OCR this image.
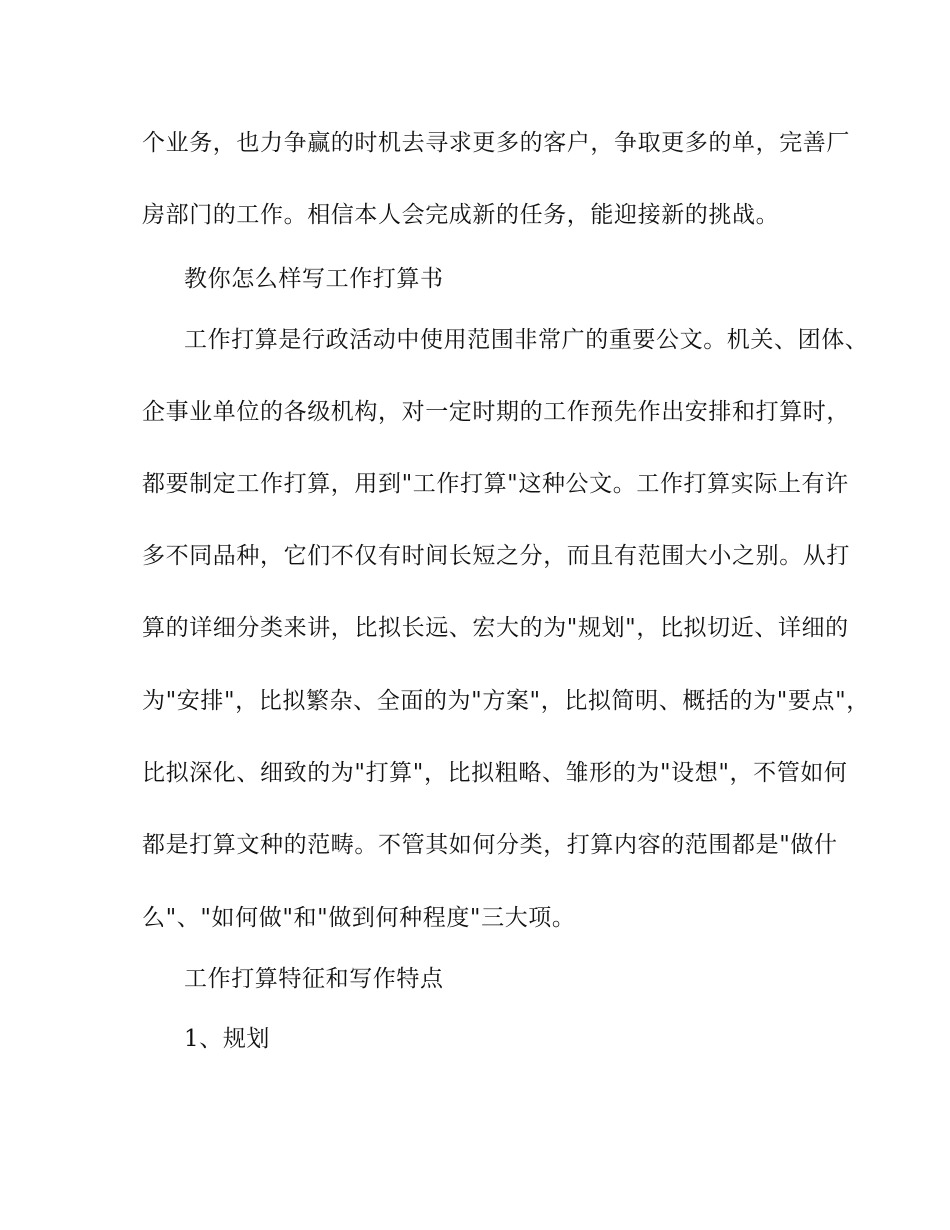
个业务，也力争赢的时机去寻求更多的客户，争取更多的单，完善厂
房部门的工作。相信本人会完成新的任务，能迎接新的挑战。
教你怎么样写工作打算书
工作打算是行政活动中使用范围非常广的重要公文。机关、团体、
企事业单位的各级机构，对一定时期的工作预先作出安排和打算时，
都要制定工作打算，用到"工作打算"这种公文。工作打算实际上有许
多不同品种，它们不仅有时间长短之分，而且有范围大小之别。从打
算的详细分类来讲，比拟长远、宏大的为"规划"，比拟切近、详细的
为"安排"，比拟繁杂、全面的为"方案"，比拟简明、概括的为"要点"，
比拟深化、细致的为"打算"，比拟粗略、雏形的为"设想"，不管如何
都是打算文种的范畴。不管其如何分类，打算内容的范围都是"做什
么"、"如何做"和"做到何种程度"三大项。
工作打算特征和写作特点
1、规划
